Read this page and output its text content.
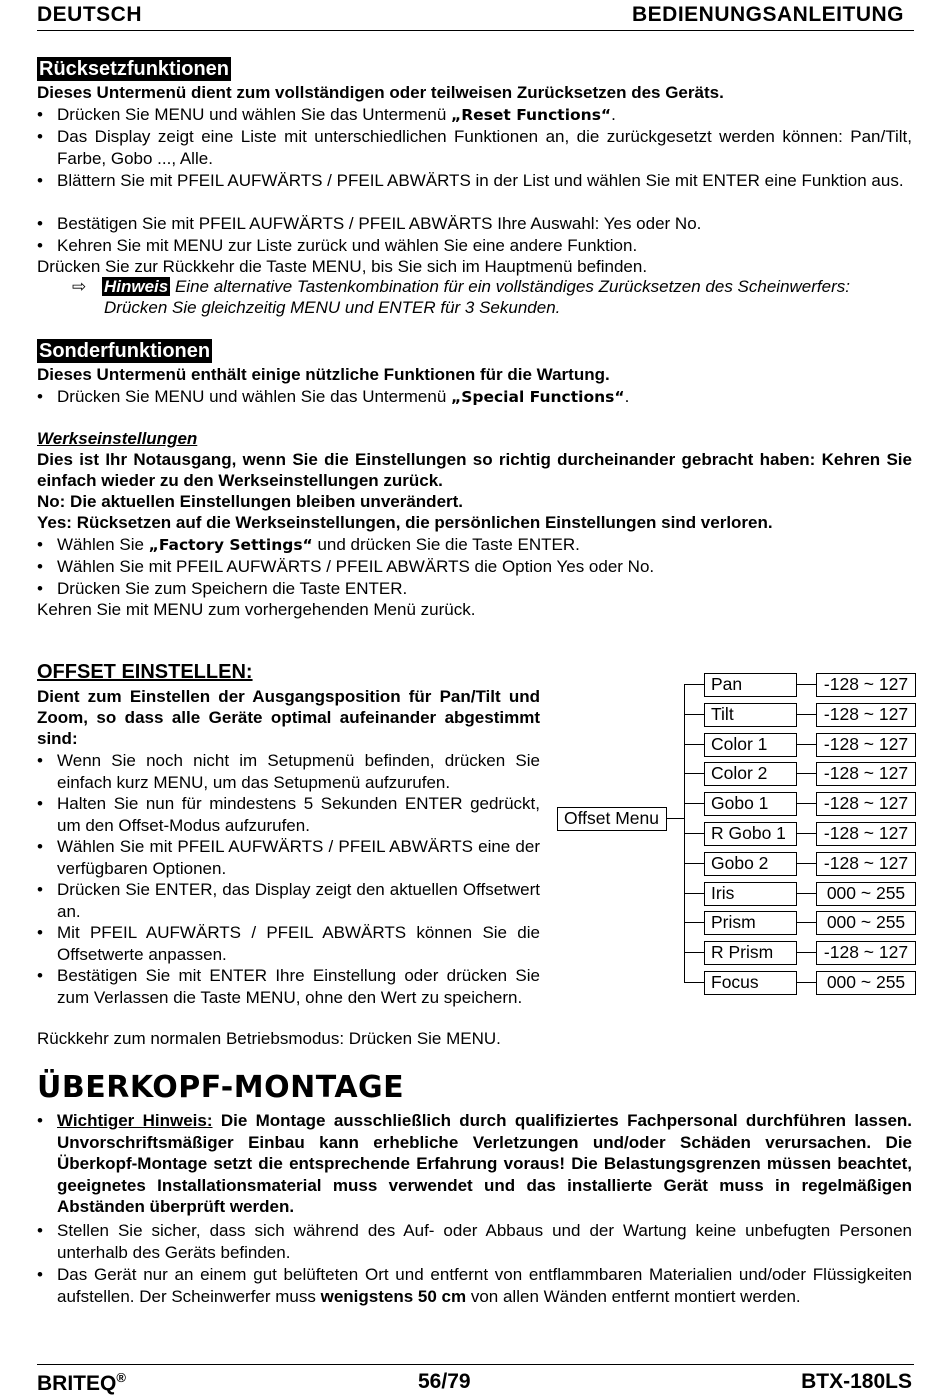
DEUTSCH	BEDIENUNGSANLEITUNG
Rücksetzfunktionen
Dieses Untermenü dient zum vollständigen oder teilweisen Zurücksetzen des Geräts.
• Drücken Sie MENU und wählen Sie das Untermenü „Reset Functions“.
• Das Display zeigt eine Liste mit unterschiedlichen Funktionen an, die zurückgesetzt werden können: Pan/Tilt, Farbe, Gobo ..., Alle.
• Blättern Sie mit PFEIL AUFWÄRTS / PFEIL ABWÄRTS in der List und wählen Sie mit ENTER eine Funktion aus.
• Bestätigen Sie mit PFEIL AUFWÄRTS / PFEIL ABWÄRTS Ihre Auswahl: Yes oder No.
• Kehren Sie mit MENU zur Liste zurück und wählen Sie eine andere Funktion.
Drücken Sie zur Rückkehr die Taste MENU, bis Sie sich im Hauptmenü befinden.
⇨ Hinweis Eine alternative Tastenkombination für ein vollständiges Zurücksetzen des Scheinwerfers:
Drücken Sie gleichzeitig MENU und ENTER für 3 Sekunden.
Sonderfunktionen
Dieses Untermenü enthält einige nützliche Funktionen für die Wartung.
• Drücken Sie MENU und wählen Sie das Untermenü „Special Functions“.
Werkseinstellungen
Dies ist Ihr Notausgang, wenn Sie die Einstellungen so richtig durcheinander gebracht haben: Kehren Sie einfach wieder zu den Werkseinstellungen zurück.
No: Die aktuellen Einstellungen bleiben unverändert.
Yes: Rücksetzen auf die Werkseinstellungen, die persönlichen Einstellungen sind verloren.
• Wählen Sie „Factory Settings“ und drücken Sie die Taste ENTER.
• Wählen Sie mit PFEIL AUFWÄRTS / PFEIL ABWÄRTS die Option Yes oder No.
• Drücken Sie zum Speichern die Taste ENTER.
Kehren Sie mit MENU zum vorhergehenden Menü zurück.
OFFSET EINSTELLEN:
Dient zum Einstellen der Ausgangsposition für Pan/Tilt und Zoom, so dass alle Geräte optimal aufeinander abgestimmt sind:
• Wenn Sie noch nicht im Setupmenü befinden, drücken Sie einfach kurz MENU, um das Setupmenü aufzurufen.
• Halten Sie nun für mindestens 5 Sekunden ENTER gedrückt, um den Offset-Modus aufzurufen.
• Wählen Sie mit PFEIL AUFWÄRTS / PFEIL ABWÄRTS eine der verfügbaren Optionen.
• Drücken Sie ENTER, das Display zeigt den aktuellen Offsetwert an.
• Mit PFEIL AUFWÄRTS / PFEIL ABWÄRTS können Sie die Offsetwerte anpassen.
• Bestätigen Sie mit ENTER Ihre Einstellung oder drücken Sie zum Verlassen die Taste MENU, ohne den Wert zu speichern.
Rückkehr zum normalen Betriebsmodus: Drücken Sie MENU.
Offset Menu
Pan	-128 ~ 127
Tilt	-128 ~ 127
Color 1	-128 ~ 127
Color 2	-128 ~ 127
Gobo 1	-128 ~ 127
R Gobo 1	-128 ~ 127
Gobo 2	-128 ~ 127
Iris	000 ~ 255
Prism	000 ~ 255
R Prism	-128 ~ 127
Focus	000 ~ 255
ÜBERKOPF-MONTAGE
• Wichtiger Hinweis: Die Montage ausschließlich durch qualifiziertes Fachpersonal durchführen lassen. Unvorschriftsmäßiger Einbau kann erhebliche Verletzungen und/oder Schäden verursachen. Die Überkopf-Montage setzt die entsprechende Erfahrung voraus! Die Belastungsgrenzen müssen beachtet, geeignetes Installationsmaterial muss verwendet und das installierte Gerät muss in regelmäßigen Abständen überprüft werden.
• Stellen Sie sicher, dass sich während des Auf- oder Abbaus und der Wartung keine unbefugten Personen unterhalb des Geräts befinden.
• Das Gerät nur an einem gut belüfteten Ort und entfernt von entflammbaren Materialien und/oder Flüssigkeiten aufstellen. Der Scheinwerfer muss wenigstens 50 cm von allen Wänden entfernt montiert werden.
BRITEQ®	56/79	BTX-180LS
